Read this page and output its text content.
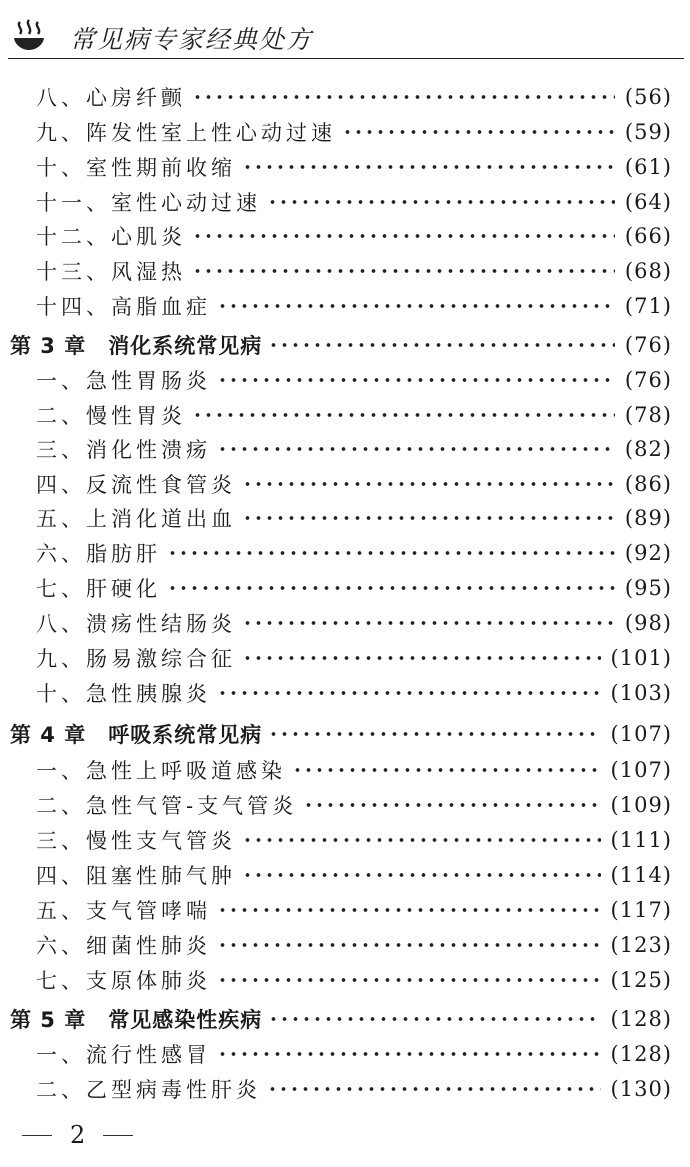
常见病专家经典处方
八、心房纤颤	(56)
九、阵发性室上性心动过速	(59)
十、室性期前收缩	(61)
十一、室性心动过速	(64)
十二、心肌炎	(66)
十三、风湿热	(68)
十四、高脂血症	(71)
第 3 章 消化系统常见病	(76)
一、急性胃肠炎	(76)
二、慢性胃炎	(78)
三、消化性溃疡	(82)
四、反流性食管炎	(86)
五、上消化道出血	(89)
六、脂肪肝	(92)
七、肝硬化	(95)
八、溃疡性结肠炎	(98)
九、肠易激综合征	(101)
十、急性胰腺炎	(103)
第 4 章 呼吸系统常见病	(107)
一、急性上呼吸道感染	(107)
二、急性气管-支气管炎	(109)
三、慢性支气管炎	(111)
四、阻塞性肺气肿	(114)
五、支气管哮喘	(117)
六、细菌性肺炎	(123)
七、支原体肺炎	(125)
第 5 章 常见感染性疾病	(128)
一、流行性感冒	(128)
二、乙型病毒性肝炎	(130)
2
